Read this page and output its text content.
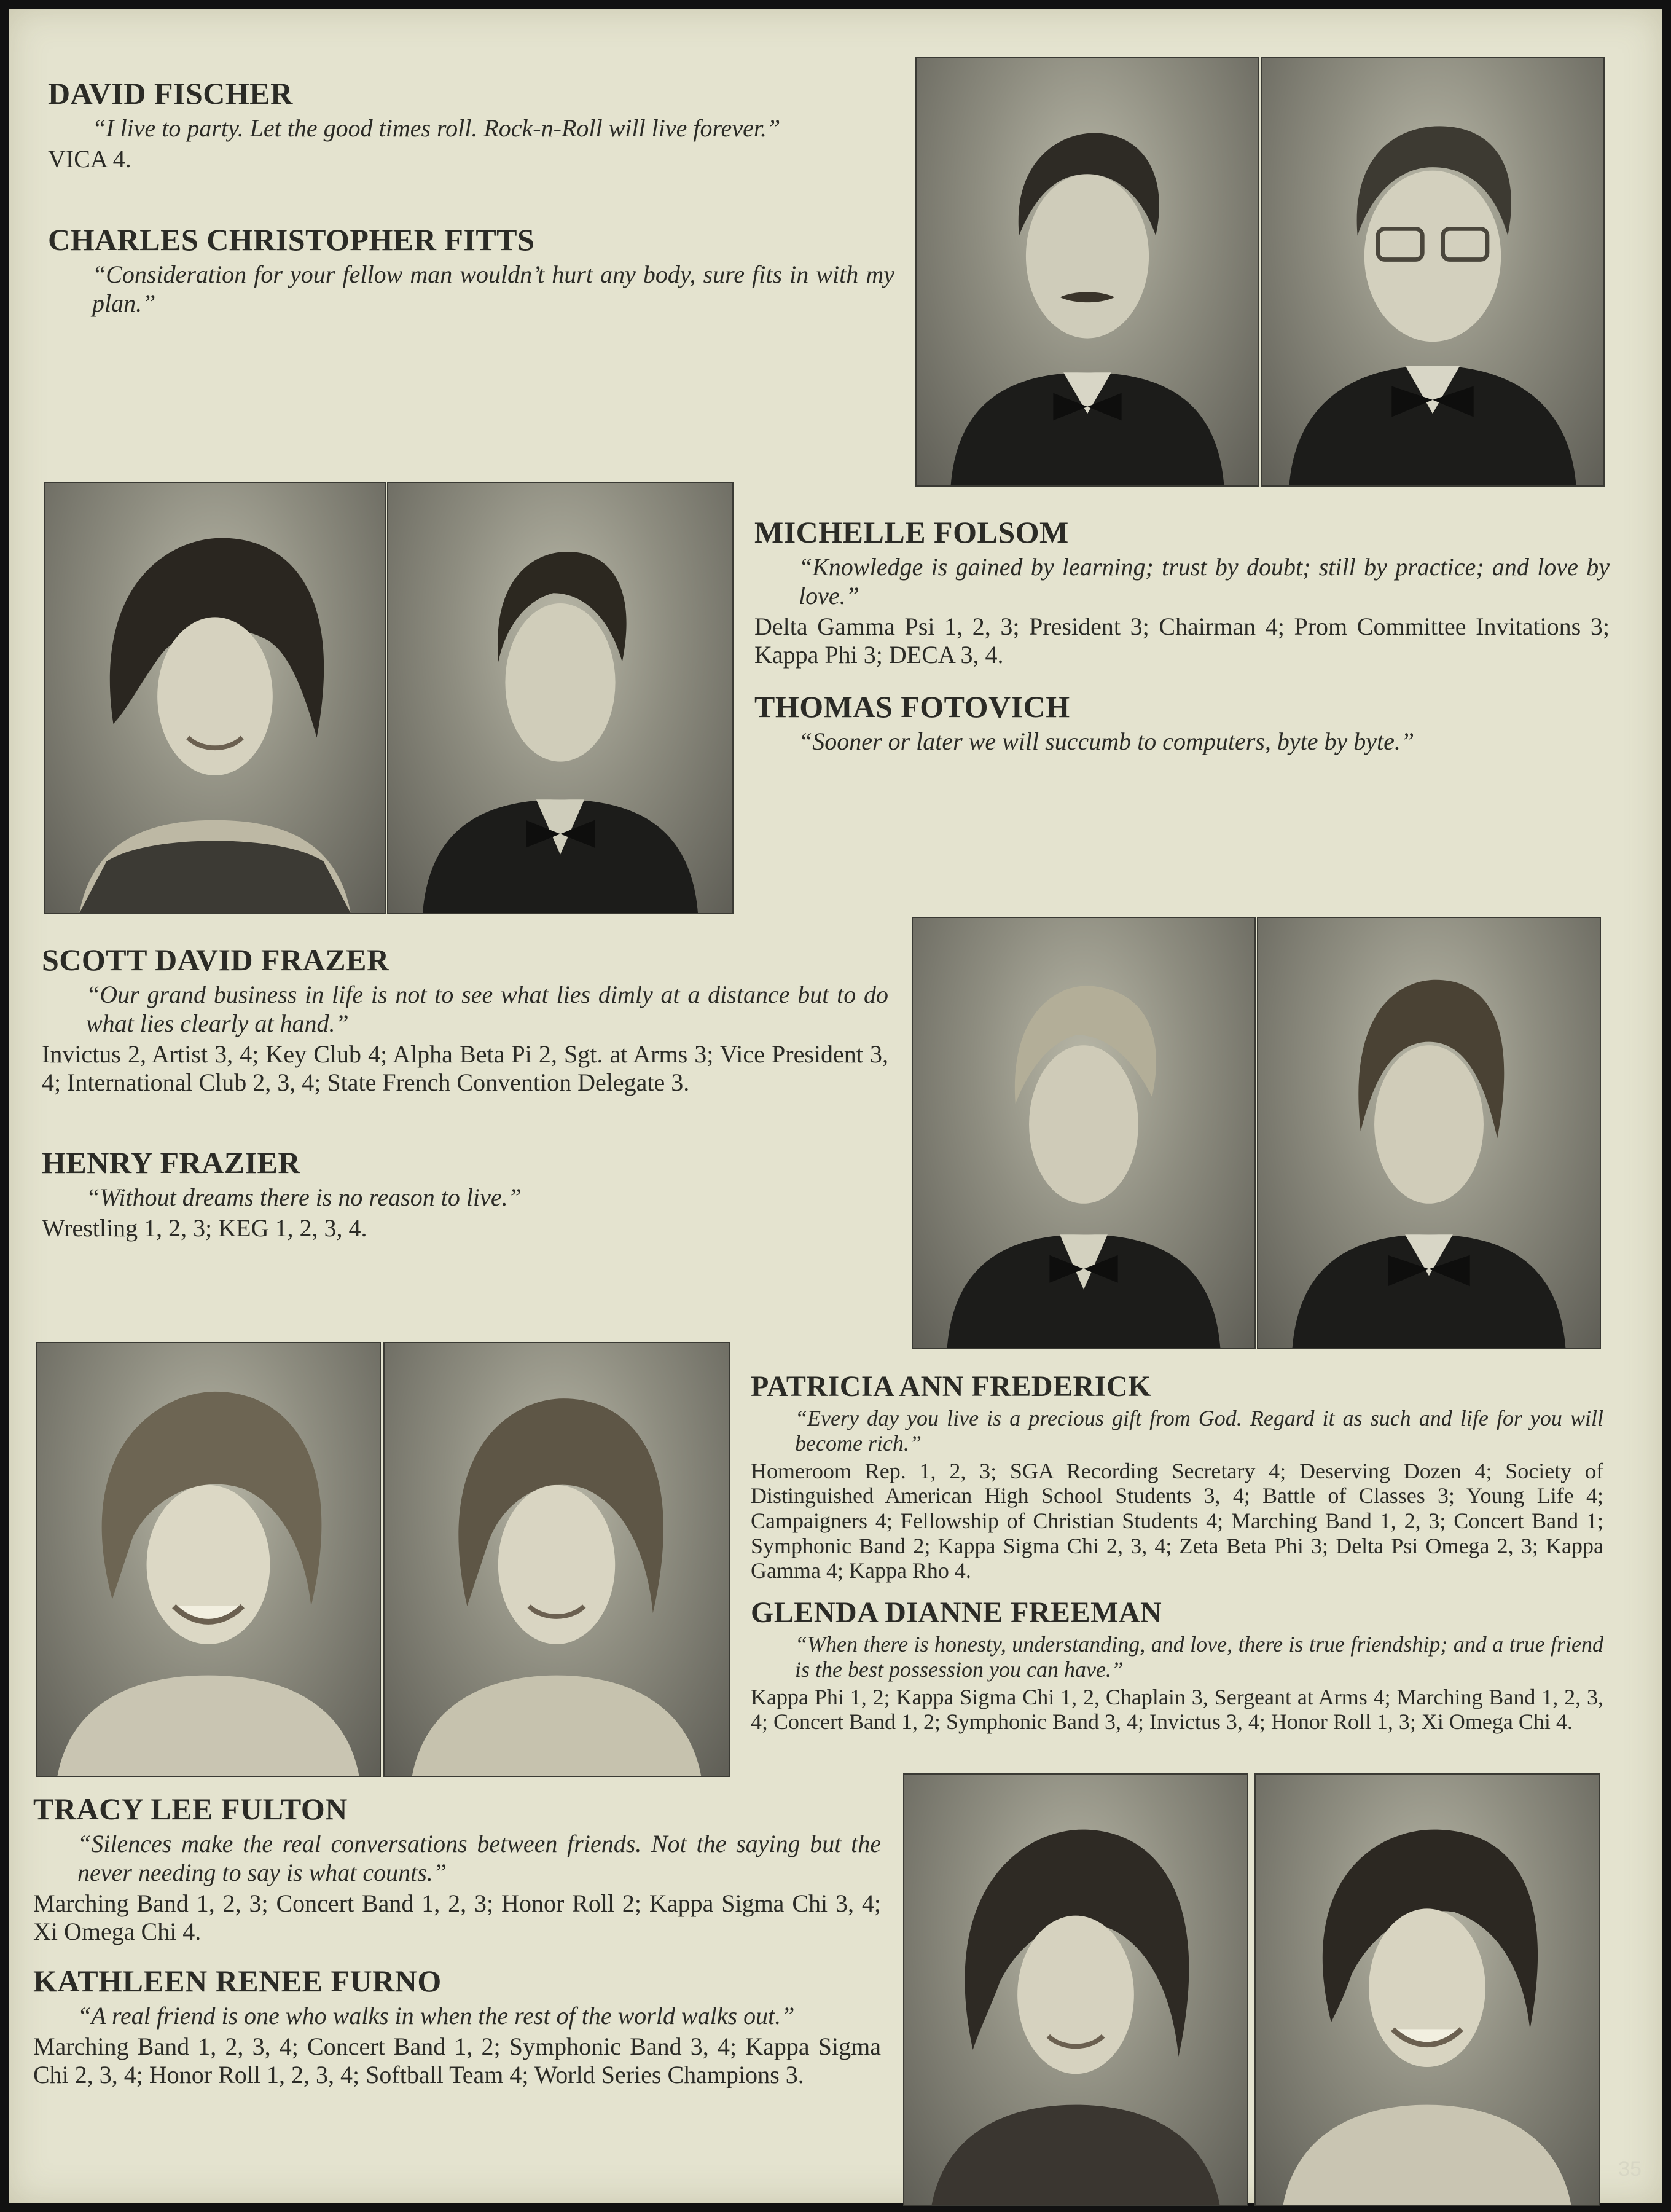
DAVID FISCHER

“ I live to party. Let the good times roll. Rock-n-Roll will live forever. ”

VICA 4.

CHARLES CHRISTOPHER FITTS

“ Consideration for your fellow man wouldn’t hurt any body, sure fits in with my plan. ”

MICHELLE FOLSOM

“ Knowledge is gained by learning; trust by doubt; still by practice; and love by love. ”

Delta Gamma Psi 1, 2, 3; President 3; Chairman 4; Prom Committee Invitations 3; Kappa Phi 3; DECA 3, 4.

THOMAS FOTOVICH

“ Sooner or later we will succumb to computers, byte by byte. ”

SCOTT DAVID FRAZER

“ Our grand business in life is not to see what lies dimly at a distance but to do what lies clearly at hand. ”

Invictus 2, Artist 3, 4; Key Club 4; Alpha Beta Pi 2, Sgt. at Arms 3; Vice President 3, 4; International Club 2, 3, 4; State French Convention Delegate 3.

HENRY FRAZIER

“ Without dreams there is no reason to live. ”

Wrestling 1, 2, 3; KEG 1, 2, 3, 4.

PATRICIA ANN FREDERICK

“ Every day you live is a precious gift from God. Regard it as such and life for you will become rich. ”

Homeroom Rep. 1, 2, 3; SGA Recording Secretary 4; Deserving Dozen 4; Society of Distinguished American High School Students 3, 4; Battle of Classes 3; Young Life 4; Campaigners 4; Fellowship of Christian Students 4; Marching Band 1, 2, 3; Concert Band 1; Symphonic Band 2; Kappa Sigma Chi 2, 3, 4; Zeta Beta Phi 3; Delta Psi Omega 2, 3; Kappa Gamma 4; Kappa Rho 4.

GLENDA DIANNE FREEMAN

“ When there is honesty, understanding, and love, there is true friendship; and a true friend is the best possession you can have. ”

Kappa Phi 1, 2; Kappa Sigma Chi 1, 2, Chaplain 3, Sergeant at Arms 4; Marching Band 1, 2, 3, 4; Concert Band 1, 2; Symphonic Band 3, 4; Invictus 3, 4; Honor Roll 1, 3; Xi Omega Chi 4.

TRACY LEE FULTON

“ Silences make the real conversations between friends. Not the saying but the never needing to say is what counts. ”

Marching Band 1, 2, 3; Concert Band 1, 2, 3; Honor Roll 2; Kappa Sigma Chi 3, 4; Xi Omega Chi 4.

KATHLEEN RENEE FURNO

“ A real friend is one who walks in when the rest of the world walks out. ”

Marching Band 1, 2, 3, 4; Concert Band 1, 2; Symphonic Band 3, 4; Kappa Sigma Chi 2, 3, 4; Honor Roll 1, 2, 3, 4; Softball Team 4; World Series Champions 3.

35
